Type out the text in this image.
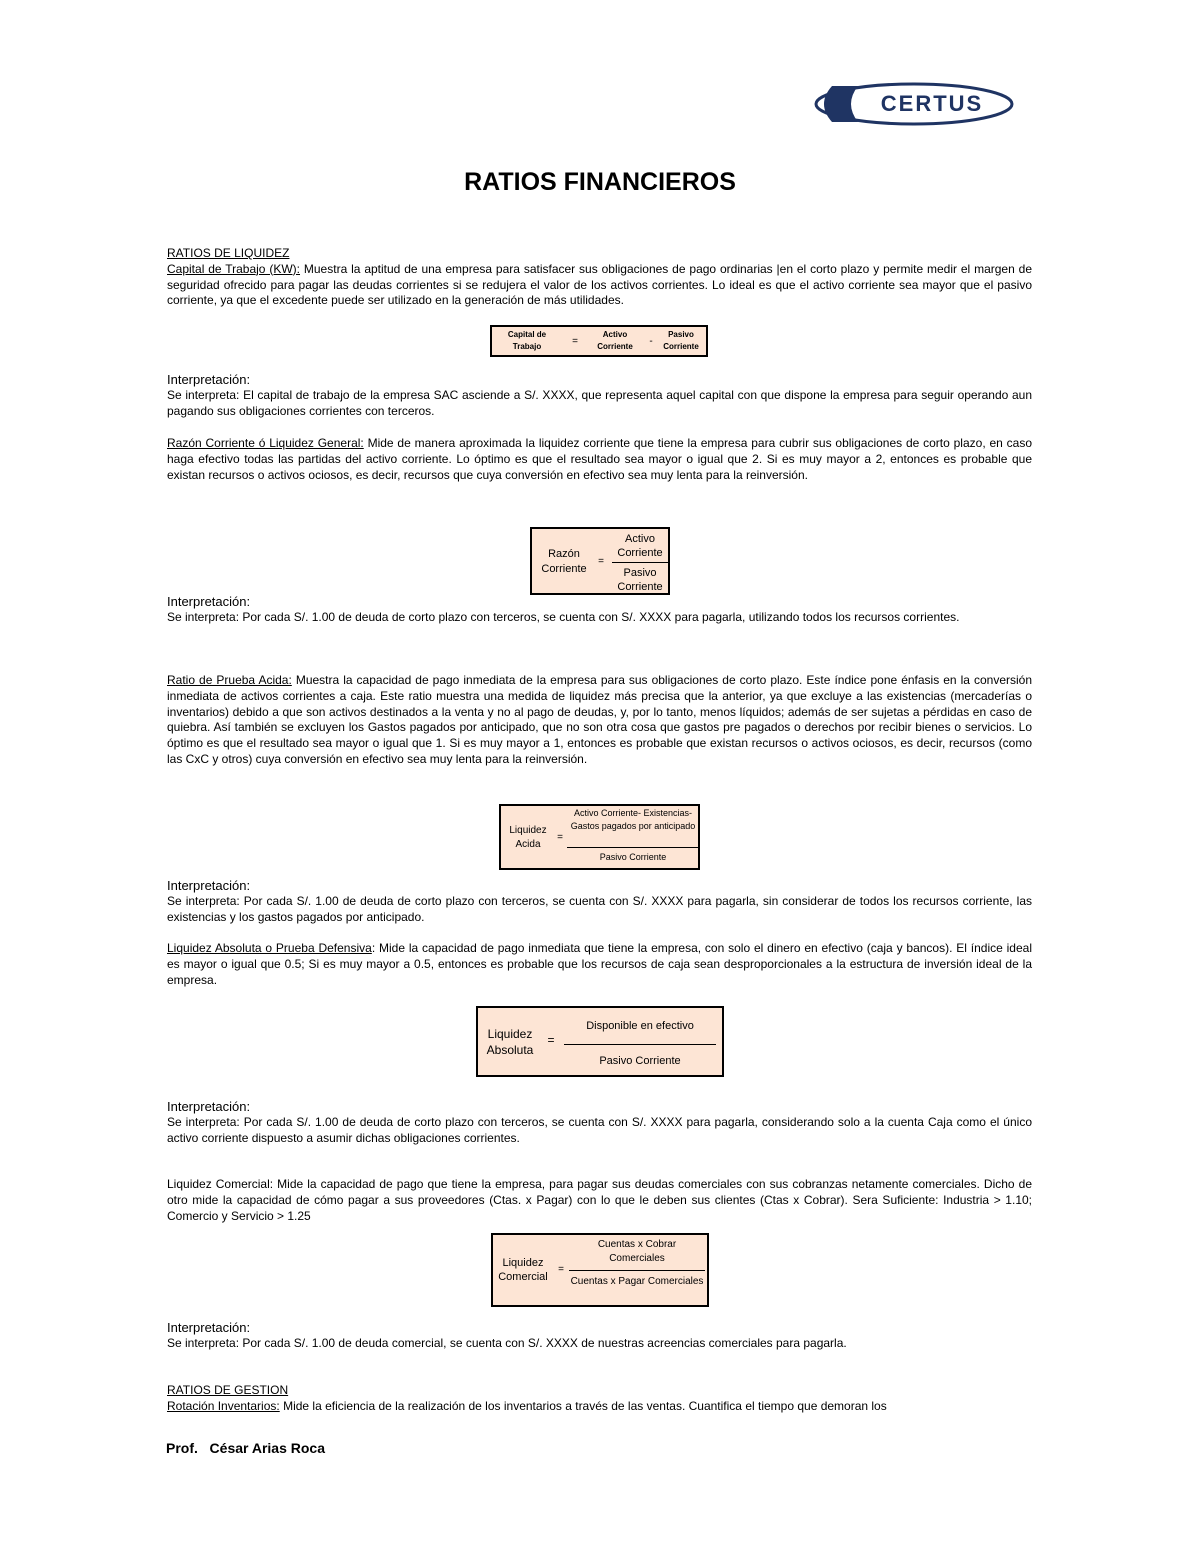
CERTUS
RATIOS FINANCIEROS
RATIOS DE LIQUIDEZ
Capital de Trabajo (KW): Muestra la aptitud de una empresa para satisfacer sus obligaciones de pago ordinarias |en el corto plazo y permite medir el margen de seguridad ofrecido para pagar las deudas corrientes si se redujera el valor de los activos corrientes. Lo ideal es que el activo corriente sea mayor que el pasivo corriente, ya que el excedente puede ser utilizado en la generación de más utilidades.
Capital de Trabajo	=
Activo Corriente	-
Pasivo Corriente
Interpretación:
Se interpreta: El capital de trabajo de la empresa SAC asciende a S/. XXXX, que representa aquel capital con que dispone la empresa para seguir operando aun pagando sus obligaciones corrientes con terceros.
Razón Corriente ó Liquidez General: Mide de manera aproximada la liquidez corriente que tiene la empresa para cubrir sus obligaciones de corto plazo, en caso haga efectivo todas las partidas del activo corriente. Lo óptimo es que el resultado sea mayor o igual que 2. Si es muy mayor a 2, entonces es probable que existan recursos o activos ociosos, es decir, recursos que cuya conversión en efectivo sea muy lenta para la reinversión.
Razón Corriente
=
Activo Corriente
Pasivo Corriente
Interpretación:
Se interpreta: Por cada S/. 1.00 de deuda de corto plazo con terceros, se cuenta con S/. XXXX para pagarla, utilizando todos los recursos corrientes.
Ratio de Prueba Acida: Muestra la capacidad de pago inmediata de la empresa para sus obligaciones de corto plazo. Este índice pone énfasis en la conversión inmediata de activos corrientes a caja. Este ratio muestra una medida de liquidez más precisa que la anterior, ya que excluye a las existencias (mercaderías o inventarios) debido a que son activos destinados a la venta y no al pago de deudas, y, por lo tanto, menos líquidos; además de ser sujetas a pérdidas en caso de quiebra. Así también se excluyen los Gastos pagados por anticipado, que no son otra cosa que gastos pre pagados o derechos por recibir bienes o servicios. Lo óptimo es que el resultado sea mayor o igual que 1. Si es muy mayor a 1, entonces es probable que existan recursos o activos ociosos, es decir, recursos (como las CxC y otros) cuya conversión en efectivo sea muy lenta para la reinversión.
Liquidez Acida
=
Activo Corriente- Existencias- Gastos pagados por anticipado
Pasivo Corriente
Interpretación:
Se interpreta: Por cada S/. 1.00 de deuda de corto plazo con terceros, se cuenta con S/. XXXX para pagarla, sin considerar de todos los recursos corriente, las existencias y los gastos pagados por anticipado.
Liquidez Absoluta o Prueba Defensiva: Mide la capacidad de pago inmediata que tiene la empresa, con solo el dinero en efectivo (caja y bancos). El índice ideal es mayor o igual que 0.5; Si es muy mayor a 0.5, entonces es probable que los recursos de caja sean desproporcionales a la estructura de inversión ideal de la empresa.
Liquidez Absoluta
=
Disponible en efectivo
Pasivo Corriente
Interpretación:
Se interpreta: Por cada S/. 1.00 de deuda de corto plazo con terceros, se cuenta con S/. XXXX para pagarla, considerando solo a la cuenta Caja como el único activo corriente dispuesto a asumir dichas obligaciones corrientes.
Liquidez Comercial: Mide la capacidad de pago que tiene la empresa, para pagar sus deudas comerciales con sus cobranzas netamente comerciales. Dicho de otro mide la capacidad de cómo pagar a sus proveedores (Ctas. x Pagar) con lo que le deben sus clientes (Ctas x Cobrar). Sera Suficiente: Industria > 1.10; Comercio y Servicio > 1.25
Liquidez Comercial
=
Cuentas x Cobrar Comerciales
Cuentas x Pagar Comerciales
Interpretación:
Se interpreta: Por cada S/. 1.00 de deuda comercial, se cuenta con S/. XXXX de nuestras acreencias comerciales para pagarla.
RATIOS DE GESTION
Rotación Inventarios: Mide la eficiencia de la realización de los inventarios a través de las ventas. Cuantifica el tiempo que demoran los
Prof.   César Arias Roca
